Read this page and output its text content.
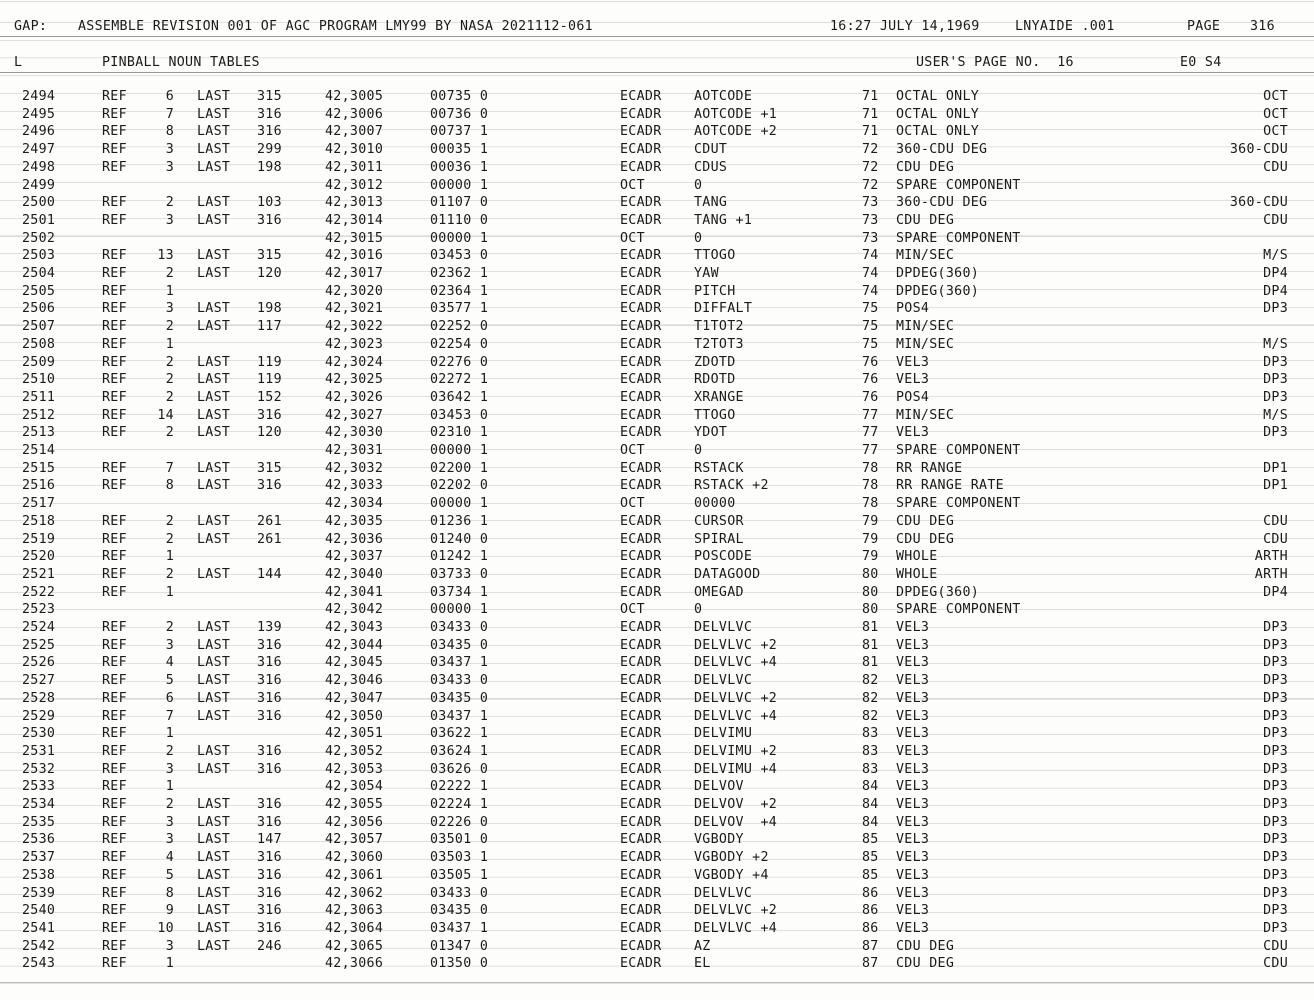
GAP:

ASSEMBLE REVISION 001 OF AGC PROGRAM LMY99 BY NASA 2021112-061

	16:27 JULY 14,1969

	LNYAIDE .001

	PAGE

316

L

	PINBALL NOUN TABLES

	USER'S PAGE NO.  16

	E0 S4

2494	REF	6 LAST 315	42,3005	00735 0	ECADR AOTCODE	71 OCTAL ONLY	OCT
2495	REF	7 LAST 316	42,3006	00736 0	ECADR AOTCODE +1	71 OCTAL ONLY	OCT
2496	REF	8 LAST 316	42,3007	00737 1	ECADR AOTCODE +2	71 OCTAL ONLY	OCT
2497	REF	3 LAST 299	42,3010	00035 1	ECADR CDUT	72 360-CDU DEG	360-CDU
2498	REF	3 LAST 198	42,3011	00036 1	ECADR CDUS	72 CDU DEG	CDU
2499	42,3012	00000 1	OCT	0	72 SPARE COMPONENT
2500	REF	2 LAST 103	42,3013	01107 0	ECADR TANG	73 360-CDU DEG	360-CDU
2501	REF	3 LAST 316	42,3014	01110 0	ECADR TANG +1	73 CDU DEG	CDU
2502	42,3015	00000 1	OCT	0	73 SPARE COMPONENT
2503	REF	13 LAST 315	42,3016	03453 0	ECADR TTOGO	74 MIN/SEC	M/S
2504	REF	2 LAST 120	42,3017	02362 1	ECADR YAW	74 DPDEG(360)	DP4
2505	REF	1	42,3020	02364 1	ECADR PITCH	74 DPDEG(360)	DP4
2506	REF	3 LAST 198	42,3021	03577 1	ECADR DIFFALT	75 POS4	DP3
2507	REF	2 LAST 117	42,3022	02252 0	ECADR T1TOT2	75 MIN/SEC
2508	REF	1	42,3023	02254 0	ECADR T2TOT3	75 MIN/SEC	M/S
2509	REF	2 LAST 119	42,3024	02276 0	ECADR ZDOTD	76 VEL3	DP3
2510	REF	2 LAST 119	42,3025	02272 1	ECADR RDOTD	76 VEL3	DP3
2511	REF	2 LAST 152	42,3026	03642 1	ECADR XRANGE	76 POS4	DP3
2512	REF	14 LAST 316	42,3027	03453 0	ECADR TTOGO	77 MIN/SEC	M/S
2513	REF	2 LAST 120	42,3030	02310 1	ECADR YDOT	77 VEL3	DP3
2514	42,3031	00000 1	OCT	0	77 SPARE COMPONENT
2515	REF	7 LAST 315	42,3032	02200 1	ECADR RSTACK	78 RR RANGE	DP1
2516	REF	8 LAST 316	42,3033	02202 0	ECADR RSTACK +2	78 RR RANGE RATE	DP1
2517	42,3034	00000 1	OCT	00000	78 SPARE COMPONENT
2518	REF	2 LAST 261	42,3035	01236 1	ECADR CURSOR	79 CDU DEG	CDU
2519	REF	2 LAST 261	42,3036	01240 0	ECADR SPIRAL	79 CDU DEG	CDU
2520	REF	1	42,3037	01242 1	ECADR POSCODE	79 WHOLE	ARTH
2521	REF	2 LAST 144	42,3040	03733 0	ECADR DATAGOOD	80 WHOLE	ARTH
2522	REF	1	42,3041	03734 1	ECADR OMEGAD	80 DPDEG(360)	DP4
2523	42,3042	00000 1	OCT	0	80 SPARE COMPONENT
2524	REF	2 LAST 139	42,3043	03433 0	ECADR DELVLVC	81 VEL3	DP3
2525	REF	3 LAST 316	42,3044	03435 0	ECADR DELVLVC +2	81 VEL3	DP3
2526	REF	4 LAST 316	42,3045	03437 1	ECADR DELVLVC +4	81 VEL3	DP3
2527	REF	5 LAST 316	42,3046	03433 0	ECADR DELVLVC	82 VEL3	DP3
2528	REF	6 LAST 316	42,3047	03435 0	ECADR DELVLVC +2	82 VEL3	DP3
2529	REF	7 LAST 316	42,3050	03437 1	ECADR DELVLVC +4	82 VEL3	DP3
2530	REF	1	42,3051	03622 1	ECADR DELVIMU	83 VEL3	DP3
2531	REF	2 LAST 316	42,3052	03624 1	ECADR DELVIMU +2	83 VEL3	DP3
2532	REF	3 LAST 316	42,3053	03626 0	ECADR DELVIMU +4	83 VEL3	DP3
2533	REF	1	42,3054	02222 1	ECADR DELVOV	84 VEL3	DP3
2534	REF	2 LAST 316	42,3055	02224 1	ECADR DELVOV  +2	84 VEL3	DP3
2535	REF	3 LAST 316	42,3056	02226 0	ECADR DELVOV  +4	84 VEL3	DP3
2536	REF	3 LAST 147	42,3057	03501 0	ECADR VGBODY	85 VEL3	DP3
2537	REF	4 LAST 316	42,3060	03503 1	ECADR VGBODY +2	85 VEL3	DP3
2538	REF	5 LAST 316	42,3061	03505 1	ECADR VGBODY +4	85 VEL3	DP3
2539	REF	8 LAST 316	42,3062	03433 0	ECADR DELVLVC	86 VEL3	DP3
2540	REF	9 LAST 316	42,3063	03435 0	ECADR DELVLVC +2	86 VEL3	DP3
2541	REF	10 LAST 316	42,3064	03437 1	ECADR DELVLVC +4	86 VEL3	DP3
2542	REF	3 LAST 246	42,3065	01347 0	ECADR AZ	87 CDU DEG	CDU
2543	REF	1	42,3066	01350 0	ECADR EL	87 CDU DEG	CDU
